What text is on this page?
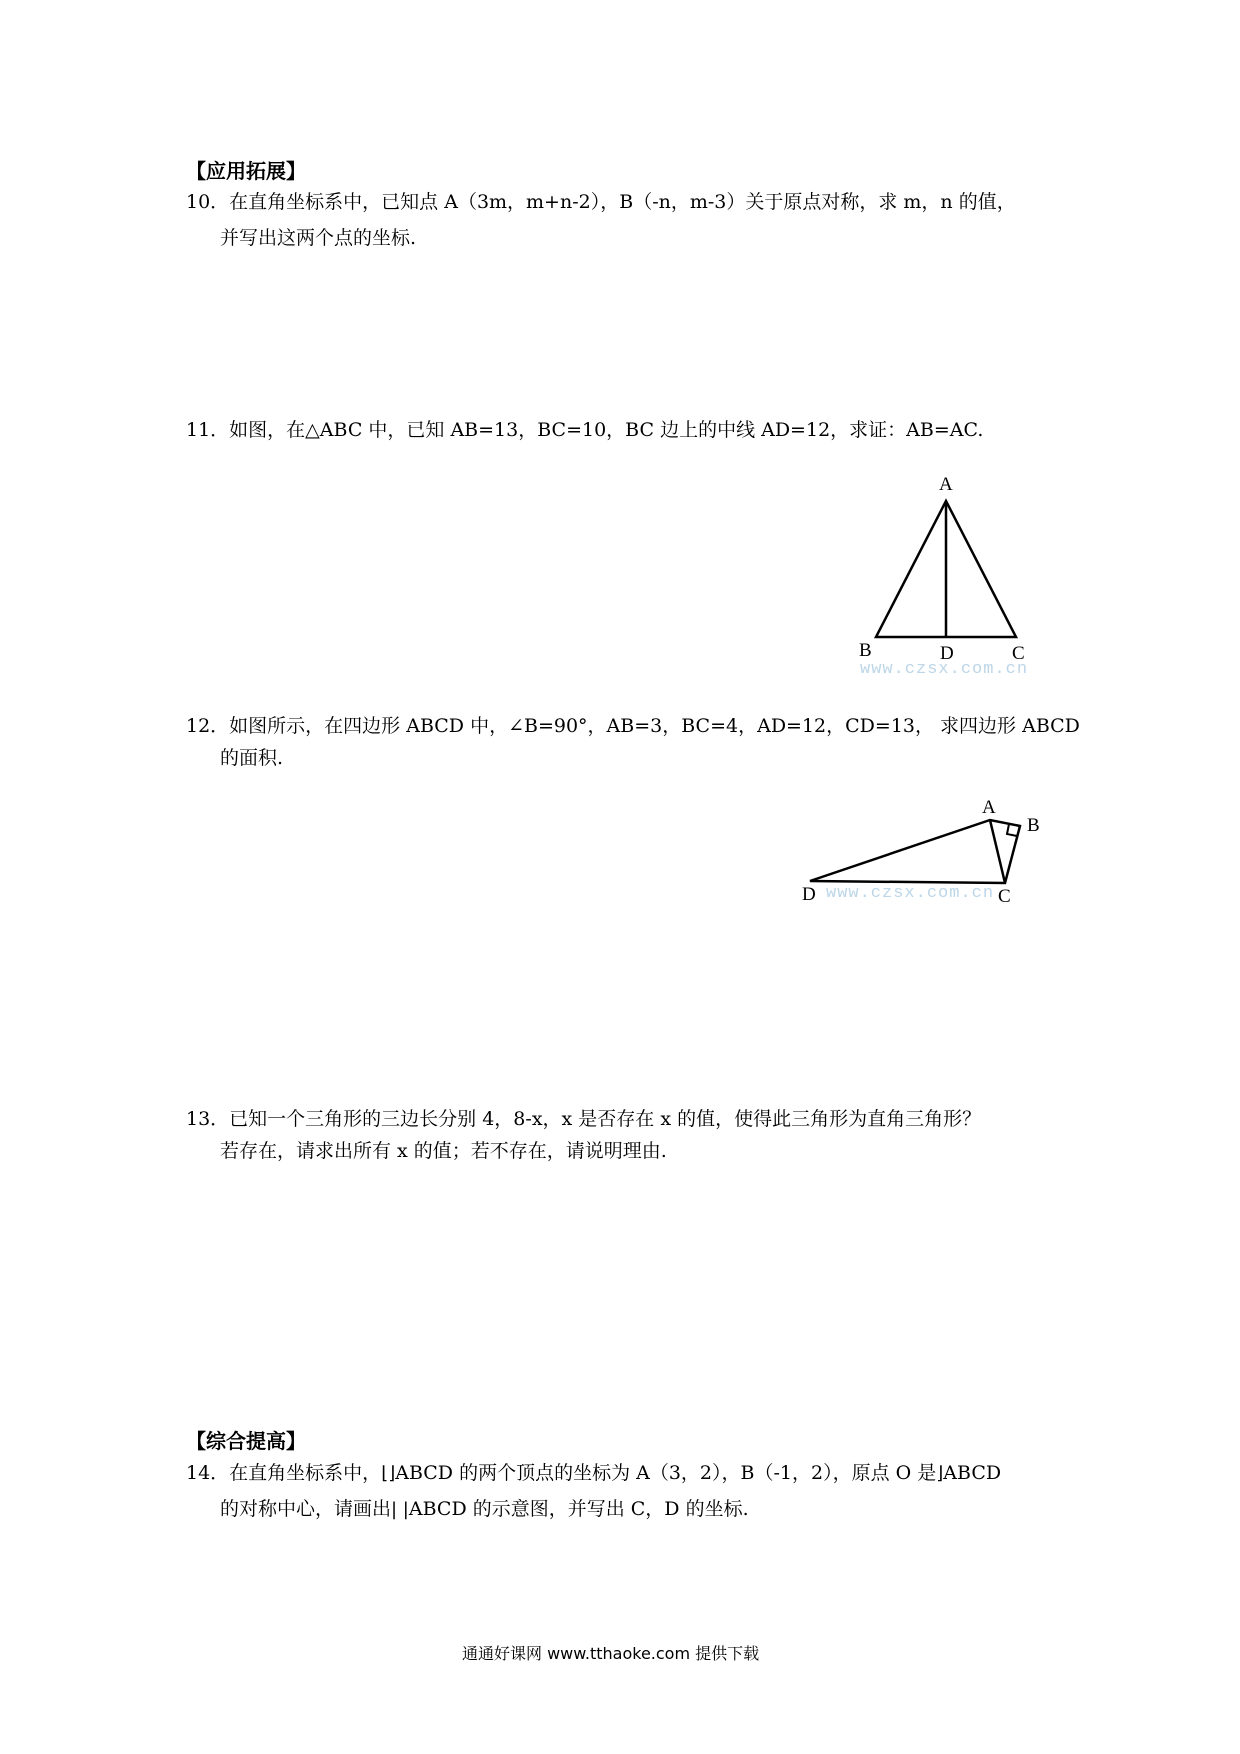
【应用拓展】
10．在直角坐标系中，已知点 A（3m，m+n-2），B（-n，m-3）关于原点对称，求 m，n 的值，
并写出这两个点的坐标.
11．如图，在△ABC 中，已知 AB=13，BC=10，BC 边上的中线 AD=12，求证：AB=AC.
A
B	D	C
www.czsx.com.cn
12．如图所示，在四边形 ABCD 中，∠B=90°，AB=3，BC=4，AD=12，CD=13， 求四边形 ABCD
的面积.
A
B
C
D www.czsx.com.cn
13．已知一个三角形的三边长分别 4，8-x，x 是否存在 x 的值，使得此三角形为直角三角形？
若存在，请求出所有 x 的值；若不存在，请说明理由.
【综合提高】
14．在直角坐标系中，⌊⌋ABCD 的两个顶点的坐标为 A（3，2），B（-1，2），原点 O 是⌋ABCD
的对称中心，请画出| |ABCD 的示意图，并写出 C，D 的坐标.
通通好课网 www.tthaoke.com 提供下载
